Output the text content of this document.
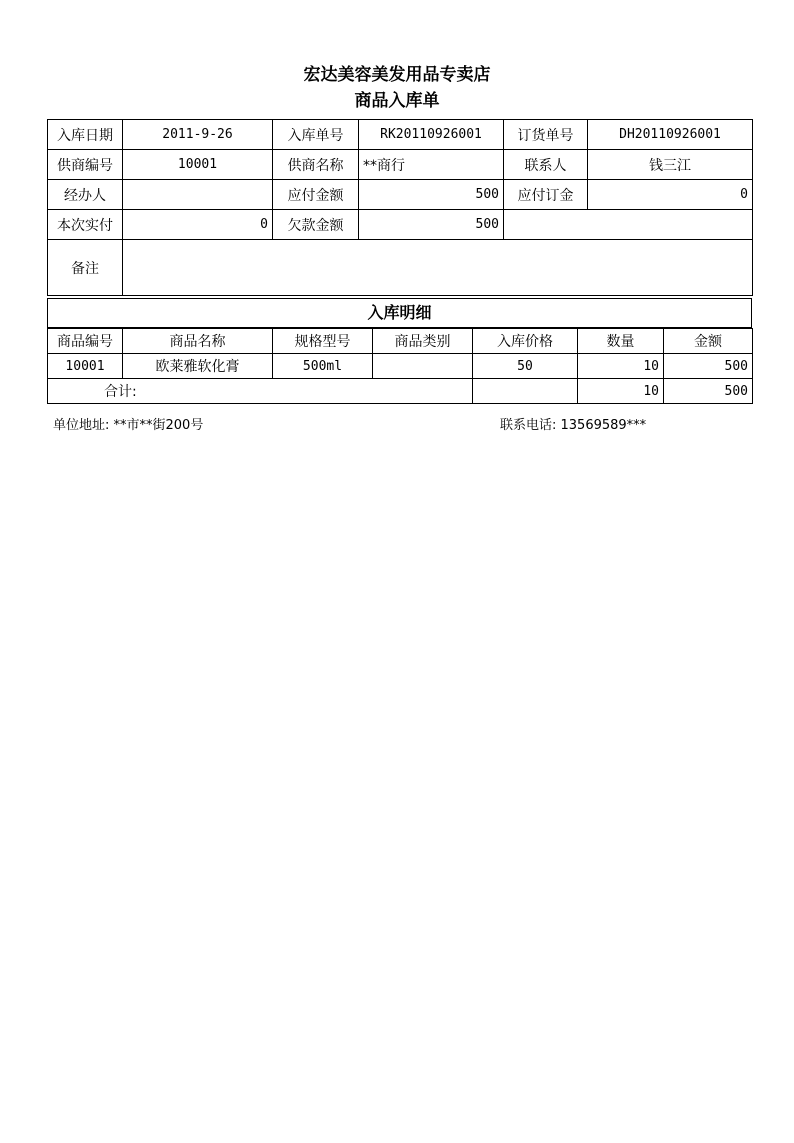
宏达美容美发用品专卖店
商品入库单
入库日期	2011-9-26	入库单号	RK20110926001	订货单号	DH20110926001
供商编号	10001	供商名称	**商行	联系人	钱三江
经办人		应付金额	500	应付订金	0
本次实付	0	欠款金额	500		
备注					
入库明细
商品编号	商品名称	规格型号	商品类别	入库价格	数量	金额
10001	欧莱雅软化膏	500ml		50	10	500
合计:					10	500
单位地址: **市**街200号	联系电话: 13569589***
